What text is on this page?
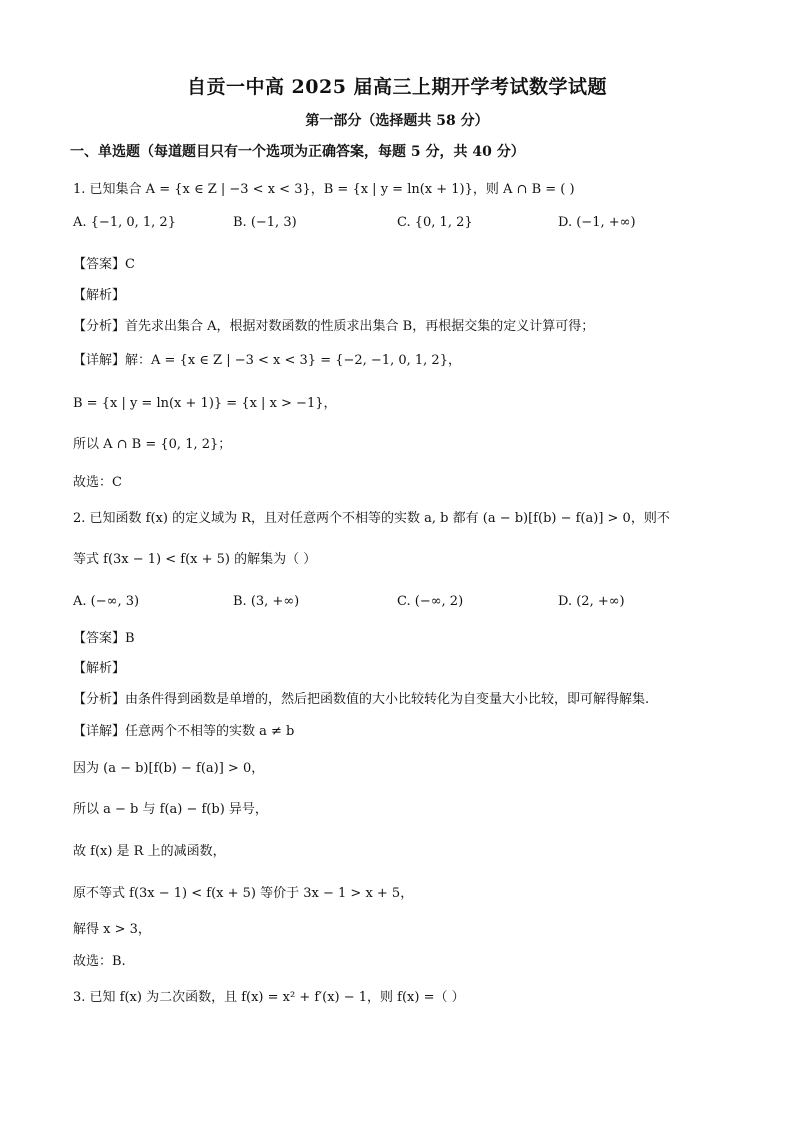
自贡一中高 2025 届高三上期开学考试数学试题
第一部分（选择题共 58 分）
一、单选题（每道题目只有一个选项为正确答案，每题 5 分，共 40 分）
1. 已知集合 A = {x ∈ Z | −3 < x < 3}，B = {x | y = ln(x + 1)}，则 A ∩ B = ( )
A. {−1, 0, 1, 2}	B. (−1, 3)	C. {0, 1, 2}	D. (−1, +∞)
【答案】C
【解析】
【分析】首先求出集合 A，根据对数函数的性质求出集合 B，再根据交集的定义计算可得；
【详解】解：A = {x ∈ Z | −3 < x < 3} = {−2, −1, 0, 1, 2}，
B = {x | y = ln(x + 1)} = {x | x > −1}，
所以 A ∩ B = {0, 1, 2}；
故选：C
2. 已知函数 f(x) 的定义域为 R，且对任意两个不相等的实数 a, b 都有 (a − b)[f(b) − f(a)] > 0，则不
等式 f(3x − 1) < f(x + 5) 的解集为（ ）
A. (−∞, 3)	B. (3, +∞)	C. (−∞, 2)	D. (2, +∞)
【答案】B
【解析】
【分析】由条件得到函数是单增的，然后把函数值的大小比较转化为自变量大小比较，即可解得解集.
【详解】任意两个不相等的实数 a ≠ b
因为 (a − b)[f(b) − f(a)] > 0，
所以 a − b 与 f(a) − f(b) 异号，
故 f(x) 是 R 上的减函数，
原不等式 f(3x − 1) < f(x + 5) 等价于 3x − 1 > x + 5，
解得 x > 3，
故选：B.
3. 已知 f(x) 为二次函数，且 f(x) = x² + f′(x) − 1，则 f(x) =（ ）
